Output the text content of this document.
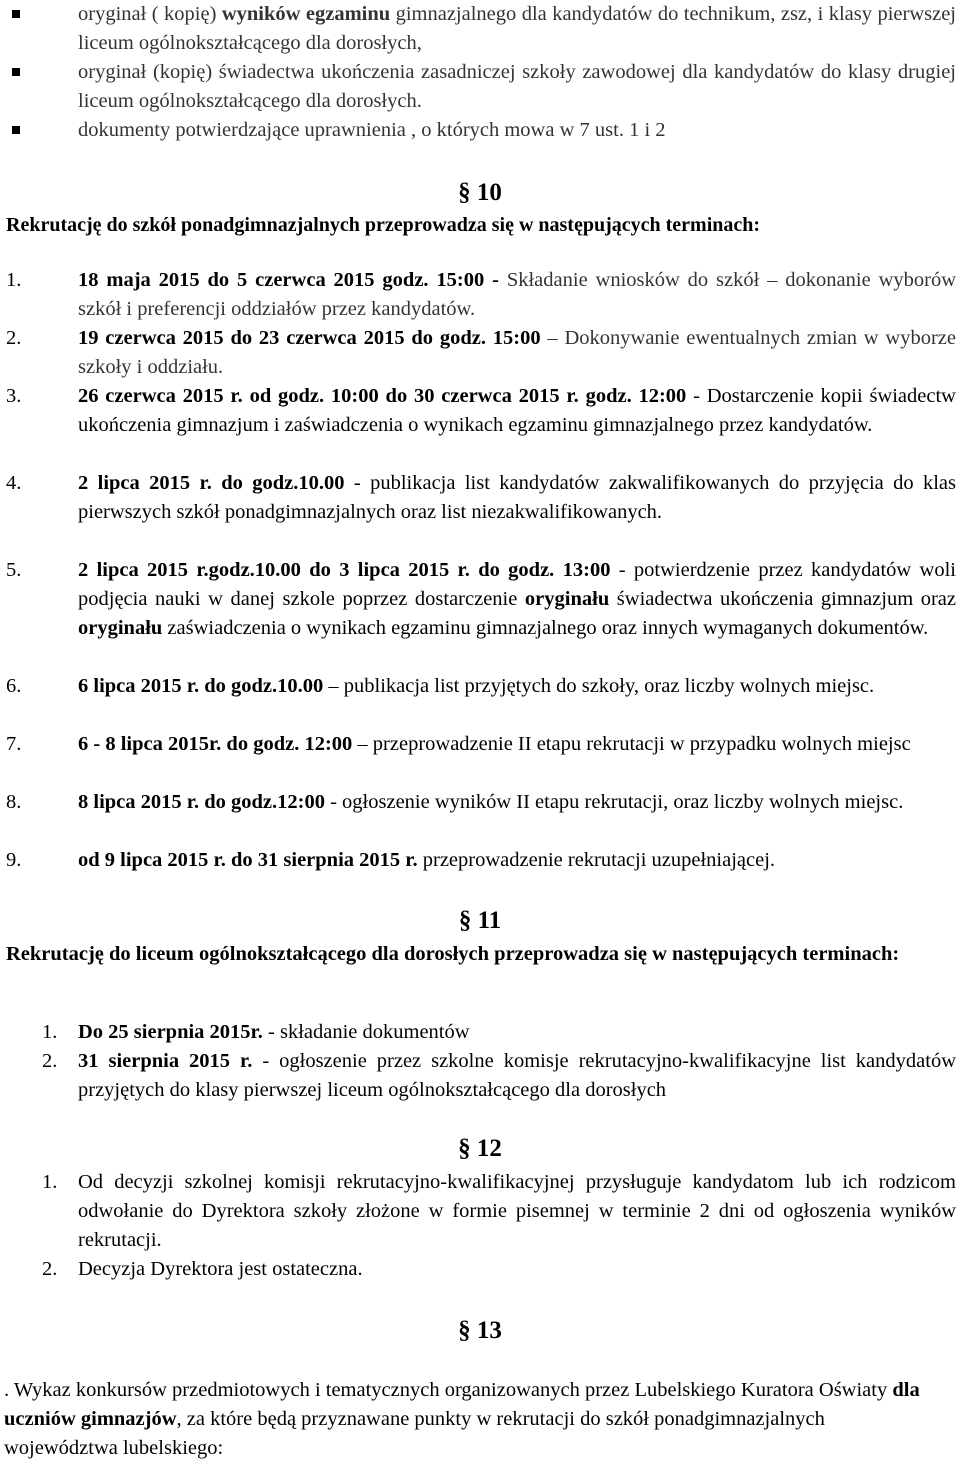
oryginał ( kopię) wyników egzaminu gimnazjalnego dla kandydatów do technikum, zsz, i klasy pierwszej liceum ogólnokształcącego dla dorosłych,
oryginał (kopię) świadectwa ukończenia zasadniczej szkoły zawodowej dla kandydatów do klasy drugiej liceum ogólnokształcącego dla dorosłych.
dokumenty potwierdzające uprawnienia , o których mowa w 7 ust. 1 i 2
§ 10
Rekrutację do szkół ponadgimnazjalnych przeprowadza się w następujących terminach:
1.	18 maja 2015 do 5 czerwca 2015 godz. 15:00 - Składanie wniosków do szkół – dokonanie wyborów szkół i preferencji oddziałów przez kandydatów.
2.	19 czerwca 2015 do 23 czerwca 2015 do godz. 15:00 – Dokonywanie ewentualnych zmian w wyborze szkoły i oddziału.
3.	26 czerwca 2015 r. od godz. 10:00 do 30 czerwca 2015 r. godz. 12:00 - Dostarczenie kopii świadectw ukończenia gimnazjum i zaświadczenia o wynikach egzaminu gimnazjalnego przez kandydatów.
4.	2 lipca 2015 r. do godz.10.00 - publikacja list kandydatów zakwalifikowanych do przyjęcia do klas pierwszych szkół ponadgimnazjalnych oraz list niezakwalifikowanych.
5.	2 lipca 2015 r.godz.10.00 do 3 lipca 2015 r. do godz. 13:00 - potwierdzenie przez kandydatów woli podjęcia nauki w danej szkole poprzez dostarczenie oryginału świadectwa ukończenia gimnazjum oraz oryginału zaświadczenia o wynikach egzaminu gimnazjalnego oraz innych wymaganych dokumentów.
6.	6 lipca 2015 r. do godz.10.00 – publikacja list przyjętych do szkoły, oraz liczby wolnych miejsc.
7.	6 - 8 lipca 2015r. do godz. 12:00 – przeprowadzenie II etapu rekrutacji w przypadku wolnych miejsc
8.	8 lipca 2015 r. do godz.12:00 - ogłoszenie wyników II etapu rekrutacji, oraz liczby wolnych miejsc.
9.	od 9 lipca 2015 r. do 31 sierpnia 2015 r. przeprowadzenie rekrutacji uzupełniającej.
§ 11
Rekrutację do liceum ogólnokształcącego dla dorosłych przeprowadza się w następujących terminach:
1.	Do 25 sierpnia 2015r. - składanie dokumentów
2.	31 sierpnia 2015 r. - ogłoszenie przez szkolne komisje rekrutacyjno-kwalifikacyjne list kandydatów przyjętych do klasy pierwszej liceum ogólnokształcącego dla dorosłych
§ 12
1.	Od decyzji szkolnej komisji rekrutacyjno-kwalifikacyjnej przysługuje kandydatom lub ich rodzicom odwołanie do Dyrektora szkoły złożone w formie pisemnej w terminie 2 dni od ogłoszenia wyników rekrutacji.
2.	Decyzja Dyrektora jest ostateczna.
§ 13
. Wykaz konkursów przedmiotowych i tematycznych organizowanych przez Lubelskiego Kuratora Oświaty dla uczniów gimnazjów, za które będą przyznawane punkty w rekrutacji do szkół ponadgimnazjalnych województwa lubelskiego:
